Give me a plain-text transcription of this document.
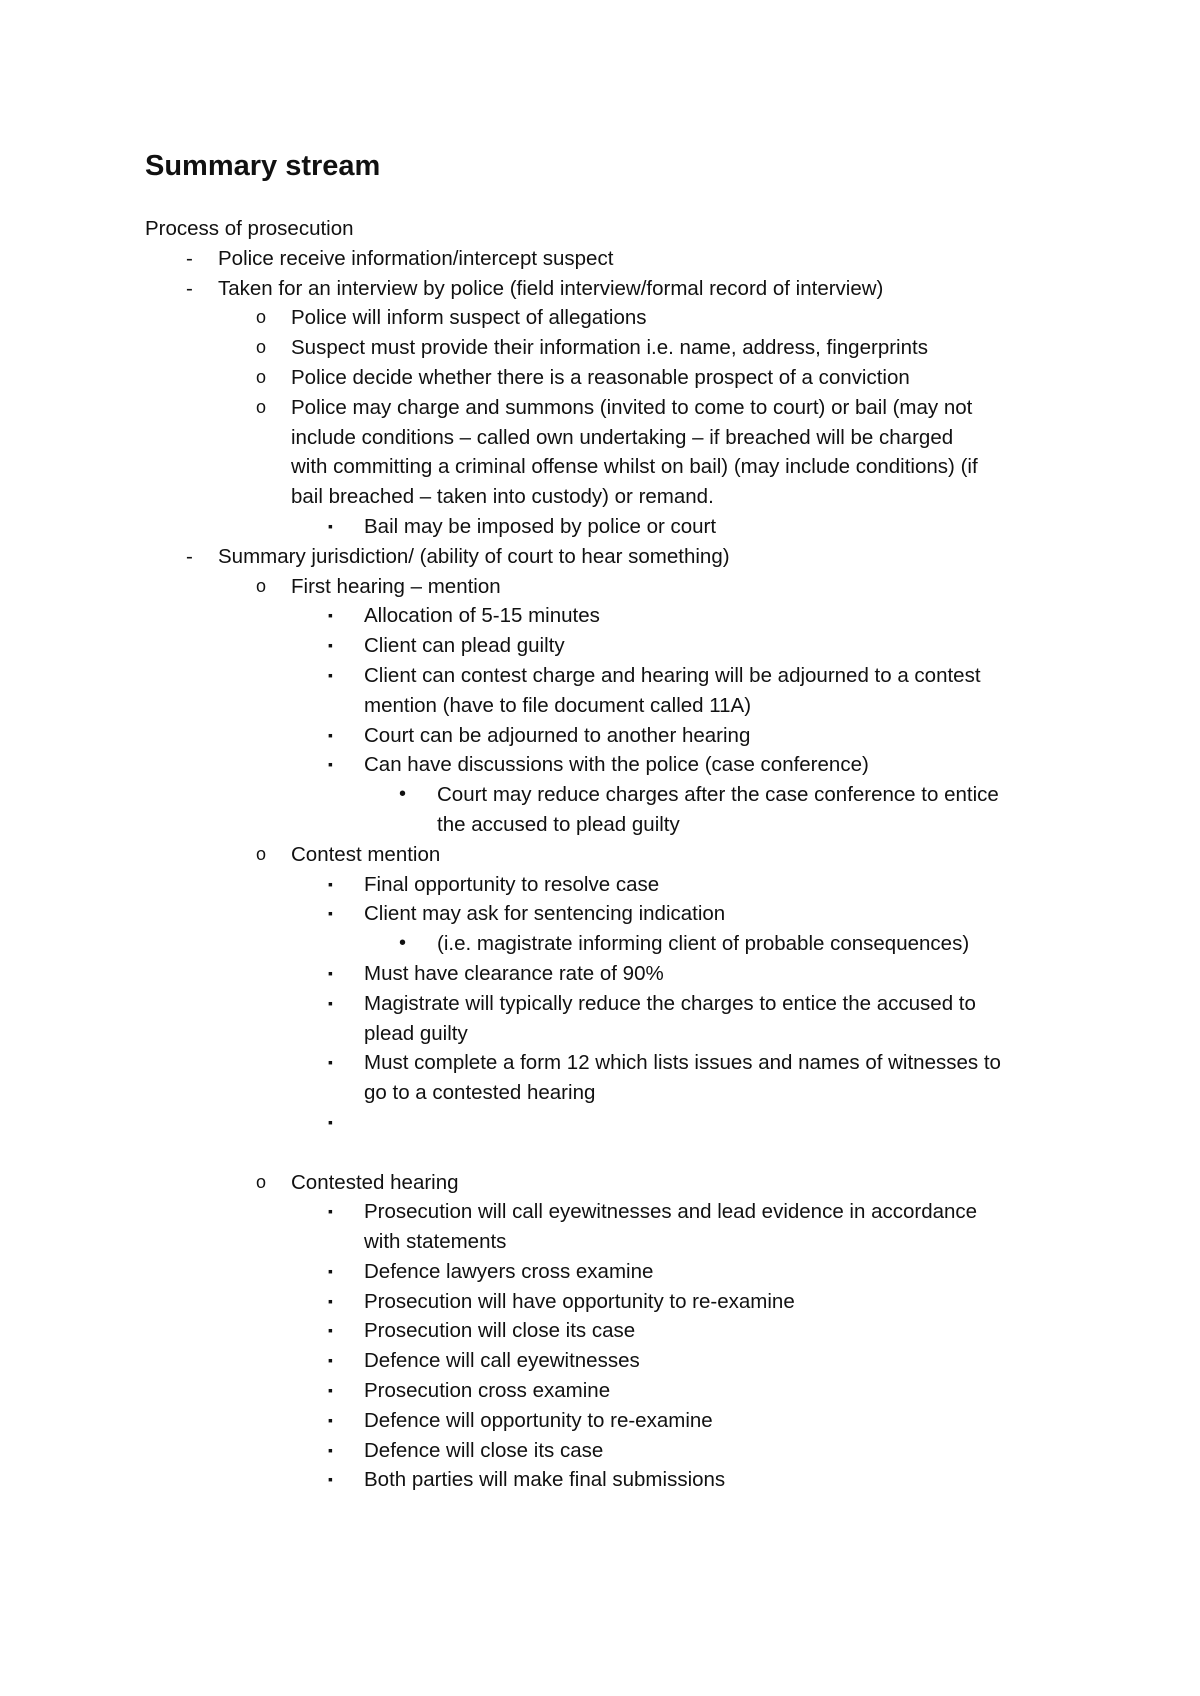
Summary stream
Process of prosecution
- Police receive information/intercept suspect
- Taken for an interview by police (field interview/formal record of interview)
o Police will inform suspect of allegations
o Suspect must provide their information i.e. name, address, fingerprints
o Police decide whether there is a reasonable prospect of a conviction
o Police may charge and summons (invited to come to court) or bail (may not
include conditions – called own undertaking – if breached will be charged
with committing a criminal offense whilst on bail) (may include conditions) (if
bail breached – taken into custody) or remand.
▪ Bail may be imposed by police or court
- Summary jurisdiction/ (ability of court to hear something)
o First hearing – mention
▪ Allocation of 5-15 minutes
▪ Client can plead guilty
▪ Client can contest charge and hearing will be adjourned to a contest
mention (have to file document called 11A)
▪ Court can be adjourned to another hearing
▪ Can have discussions with the police (case conference)
• Court may reduce charges after the case conference to entice
the accused to plead guilty
o Contest mention
▪ Final opportunity to resolve case
▪ Client may ask for sentencing indication
• (i.e. magistrate informing client of probable consequences)
▪ Must have clearance rate of 90%
▪ Magistrate will typically reduce the charges to entice the accused to
plead guilty
▪ Must complete a form 12 which lists issues and names of witnesses to
go to a contested hearing
▪
o Contested hearing
▪ Prosecution will call eyewitnesses and lead evidence in accordance
with statements
▪ Defence lawyers cross examine
▪ Prosecution will have opportunity to re-examine
▪ Prosecution will close its case
▪ Defence will call eyewitnesses
▪ Prosecution cross examine
▪ Defence will opportunity to re-examine
▪ Defence will close its case
▪ Both parties will make final submissions
